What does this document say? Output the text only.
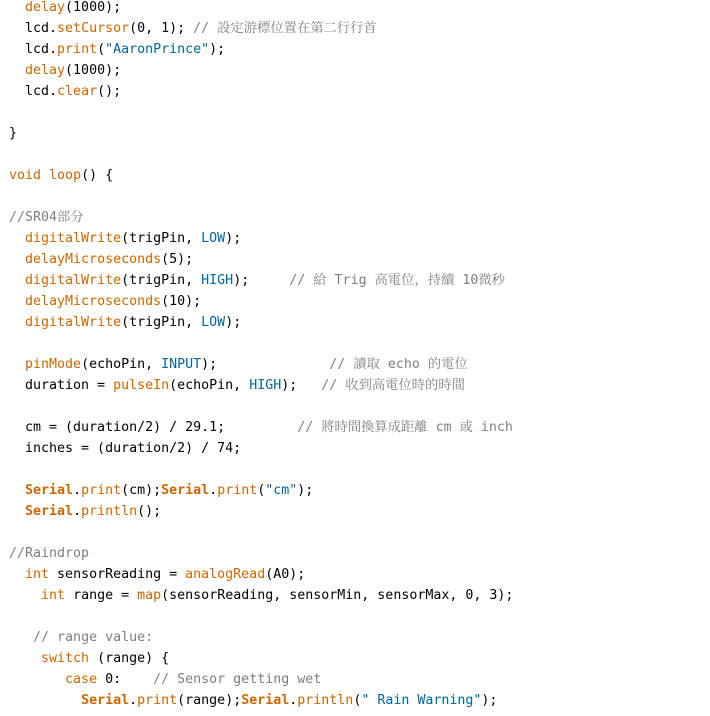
delay(1000);
lcd.setCursor(0, 1); // 設定游標位置在第二行行首
lcd.print("AaronPrince");
delay(1000);
lcd.clear();
}
void loop() {
//SR04部分
digitalWrite(trigPin, LOW);
delayMicroseconds(5);
digitalWrite(trigPin, HIGH);     // 給 Trig 高電位，持續 10微秒
delayMicroseconds(10);
digitalWrite(trigPin, LOW);
pinMode(echoPin, INPUT);              // 讀取 echo 的電位
duration = pulseIn(echoPin, HIGH);   // 收到高電位時的時間
cm = (duration/2) / 29.1;         // 將時間換算成距離 cm 或 inch
inches = (duration/2) / 74;
Serial.print(cm);Serial.print("cm");
Serial.println();
//Raindrop
int sensorReading = analogRead(A0);
int range = map(sensorReading, sensorMin, sensorMax, 0, 3);
// range value:
switch (range) {
case 0:    // Sensor getting wet
Serial.print(range);Serial.println(" Rain Warning");
